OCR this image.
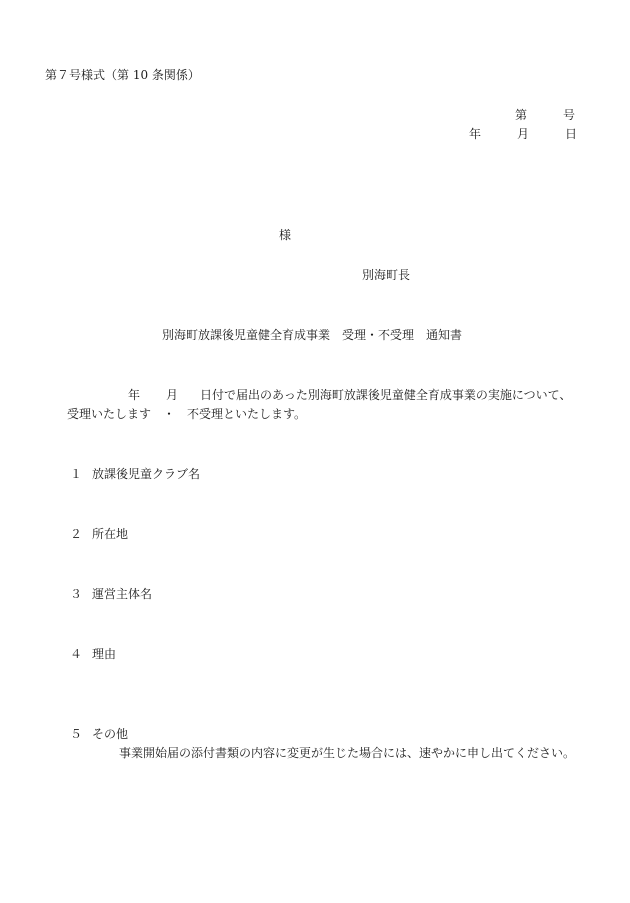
第７号様式（第 10 条関係）
第	号
年	月	日
様
別海町長
別海町放課後児童健全育成事業　受理・不受理　通知書
年 月 日付で届出のあった別海町放課後児童健全育成事業の実施について、
受理いたします　・　不受理といたします。
１ 放課後児童クラブ名
２ 所在地
３ 運営主体名
４ 理由
５ その他
事業開始届の添付書類の内容に変更が生じた場合には、速やかに申し出てください。
